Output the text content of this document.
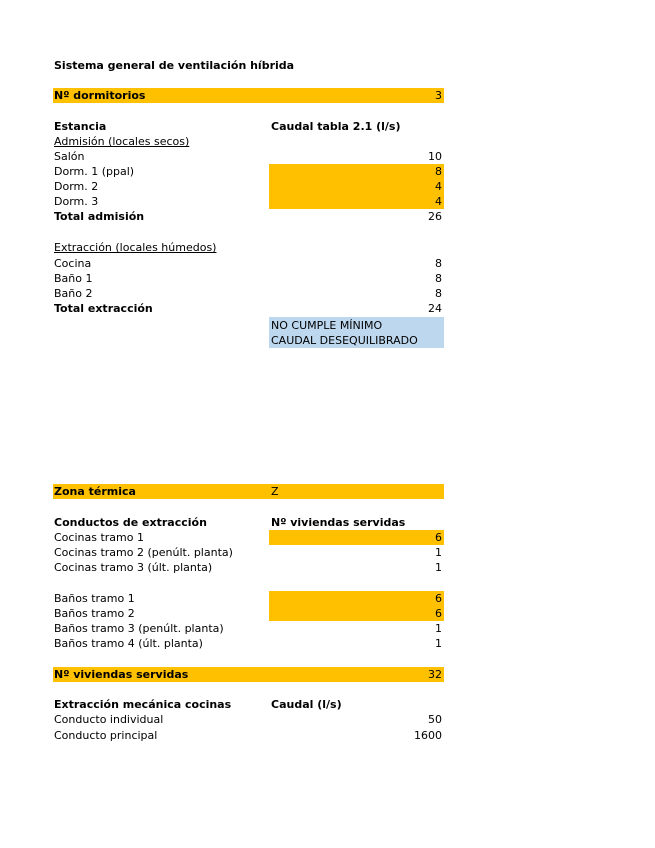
Sistema general de ventilación híbrida
Nº dormitorios	3
Estancia	Caudal tabla 2.1 (l/s)
Admisión (locales secos)
Salón	10
Dorm. 1 (ppal)	8
Dorm. 2	4
Dorm. 3	4
Total admisión	26
Extracción (locales húmedos)
Cocina	8
Baño 1	8
Baño 2	8
Total extracción	24
NO CUMPLE MÍNIMO
CAUDAL DESEQUILIBRADO
Zona térmica	Z
Conductos de extracción	Nº viviendas servidas
Cocinas tramo 1	6
Cocinas tramo 2 (penúlt. planta)	1
Cocinas tramo 3 (últ. planta)	1
Baños tramo 1	6
Baños tramo 2	6
Baños tramo 3 (penúlt. planta)	1
Baños tramo 4 (últ. planta)	1
Nº viviendas servidas	32
Extracción mecánica cocinas	Caudal (l/s)
Conducto individual	50
Conducto principal	1600
